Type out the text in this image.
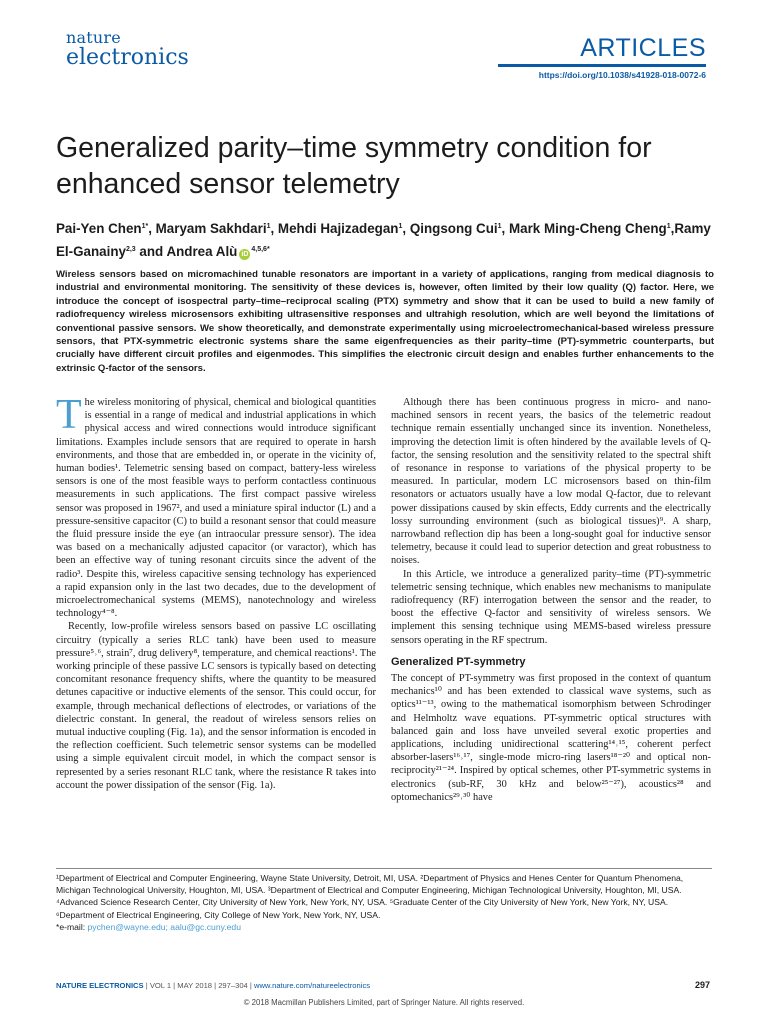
nature
electronics	ARTICLES
https://doi.org/10.1038/s41928-018-0072-6
Generalized parity–time symmetry condition for enhanced sensor telemetry
Pai-Yen Chen$^{1*}$, Maryam Sakhdari$^1$, Mehdi Hajizadegan$^1$, Qingsong Cui$^1$, Mark Ming-Cheng Cheng$^1$,Ramy El-Ganainy$^{2,3}$ and Andrea Alù $iD^{4,5,6*}$
Wireless sensors based on micromachined tunable resonators are important in a variety of applications, ranging from medical diagnosis to industrial and environmental monitoring. The sensitivity of these devices is, however, often limited by their low quality (Q) factor. Here, we introduce the concept of isospectral party–time–reciprocal scaling (PTX) symmetry and show that it can be used to build a new family of radiofrequency wireless microsensors exhibiting ultrasensitive responses and ultrahigh resolution, which are well beyond the limitations of conventional passive sensors. We show theoretically, and demonstrate experimentally using microelectromechanical-based wireless pressure sensors, that PTX-symmetric electronic systems share the same eigenfrequencies as their parity–time (PT)-symmetric counterparts, but crucially have different circuit profiles and eigenmodes. This simplifies the electronic circuit design and enables further enhancements to the extrinsic Q-factor of the sensors.

The wireless monitoring of physical, chemical and biological quantities is essential in a range of medical and industrial applications in which physical access and wired connections would introduce significant limitations. Examples include sensors that are required to operate in harsh environments, and those that are embedded in, or operate in the vicinity of, human bodies¹. Telemetric sensing based on compact, battery-less wireless sensors is one of the most feasible ways to perform contactless continuous measurements in such applications. The first compact passive wireless sensor was proposed in 1967², and used a miniature spiral inductor (L) and a pressure-sensitive capacitor (C) to build a resonant sensor that could measure the fluid pressure inside the eye (an intraocular pressure sensor). The idea was based on a mechanically adjusted capacitor (or varactor), which has been an effective way of tuning resonant circuits since the advent of the radio³. Despite this, wireless capacitive sensing technology has experienced a rapid expansion only in the last two decades, due to the development of microelectromechanical systems (MEMS), nanotechnology and wireless technology⁴⁻⁸.

Recently, low-profile wireless sensors based on passive LC oscillating circuitry (typically a series RLC tank) have been used to measure pressure⁵˒⁶, strain⁷, drug delivery⁸, temperature, and chemical reactions¹. The working principle of these passive LC sensors is typically based on detecting concomitant resonance frequency shifts, where the quantity to be measured detunes capacitive or inductive elements of the sensor. This could occur, for example, through mechanical deflections of electrodes, or variations of the dielectric constant. In general, the readout of wireless sensors relies on mutual inductive coupling (Fig. 1a), and the sensor information is encoded in the reflection coefficient. Such telemetric sensor systems can be modelled using a simple equivalent circuit model, in which the compact sensor is represented by a series resonant RLC tank, where the resistance R takes into account the power dissipation of the sensor (Fig. 1a).

Although there has been continuous progress in micro- and nano-machined sensors in recent years, the basics of the telemetric readout technique remain essentially unchanged since its invention. Nonetheless, improving the detection limit is often hindered by the available levels of Q-factor, the sensing resolution and the sensitivity related to the spectral shift of resonance in response to variations of the physical property to be measured. In particular, modern LC microsensors based on thin-film resonators or actuators usually have a low modal Q-factor, due to relevant power dissipations caused by skin effects, Eddy currents and the electrically lossy surrounding environment (such as biological tissues)⁹. A sharp, narrowband reflection dip has been a long-sought goal for inductive sensor telemetry, because it could lead to superior detection and great robustness to noises.

In this Article, we introduce a generalized parity–time (PT)-symmetric telemetric sensing technique, which enables new mechanisms to manipulate radiofrequency (RF) interrogation between the sensor and the reader, to boost the effective Q-factor and sensitivity of wireless sensors. We implement this sensing technique using MEMS-based wireless pressure sensors operating in the RF spectrum.

Generalized PT-symmetry

The concept of PT-symmetry was first proposed in the context of quantum mechanics¹⁰ and has been extended to classical wave systems, such as optics¹¹⁻¹³, owing to the mathematical isomorphism between Schrodinger and Helmholtz wave equations. PT-symmetric optical structures with balanced gain and loss have unveiled several exotic properties and applications, including unidirectional scattering¹⁴˒¹⁵, coherent perfect absorber-lasers¹⁶˒¹⁷, single-mode micro-ring lasers¹⁸⁻²⁰ and optical non-reciprocity²¹⁻²⁴. Inspired by optical schemes, other PT-symmetric systems in electronics (sub-RF, 30 kHz and below²⁵⁻²⁷), acoustics²⁸ and optomechanics²⁹˒³⁰ have

¹Department of Electrical and Computer Engineering, Wayne State University, Detroit, MI, USA. ²Department of Physics and Henes Center for Quantum Phenomena, Michigan Technological University, Houghton, MI, USA. ³Department of Electrical and Computer Engineering, Michigan Technological University, Houghton, MI, USA. ⁴Advanced Science Research Center, City University of New York, New York, NY, USA. ⁵Graduate Center of the City University of New York, New York, NY, USA. ⁶Department of Electrical Engineering, City College of New York, New York, NY, USA.
*e-mail: pychen@wayne.edu; aalu@gc.cuny.edu
NATURE ELECTRONICS | VOL 1 | MAY 2018 | 297–304 | www.nature.com/natureelectronics	297
© 2018 Macmillan Publishers Limited, part of Springer Nature. All rights reserved.
